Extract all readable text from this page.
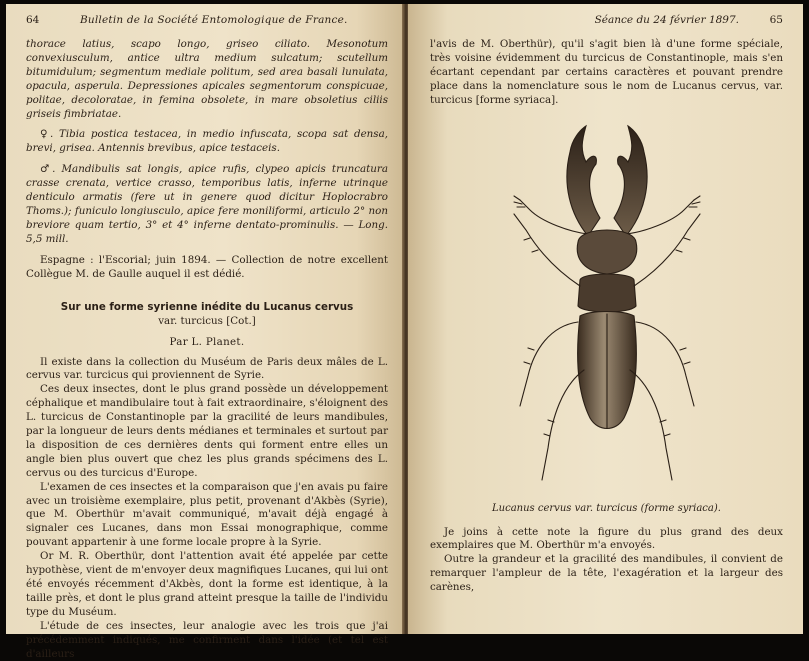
64	Bulletin de la Société Entomologique de France.

thorace latius, scapo longo, griseo ciliato. Mesonotum convexiusculum, antice ultra medium sulcatum; scutellum bitumidulum; segmentum mediale politum, sed area basali lunulata, opacula, asperula. Depressiones apicales segmentorum conspicuae, politae, decoloratae, in femina obsolete, in mare obsoletius ciliis griseis fimbriatae.

♀. Tibia postica testacea, in medio infuscata, scopa sat densa, brevi, grisea. Antennis brevibus, apice testaceis.

♂. Mandibulis sat longis, apice rufis, clypeo apicis truncatura crasse crenata, vertice crasso, temporibus latis, inferne utrinque denticulo armatis (fere ut in genere quod dicitur Hoplocrabro Thoms.); funiculo longiusculo, apice fere moniliformi, articulo 2° non breviore quam tertio, 3° et 4° inferne dentato-prominulis. — Long. 5,5 mill.

Espagne : l'Escorial; juin 1894. — Collection de notre excellent Collègue M. de Gaulle auquel il est dédié.

Sur une forme syrienne inédite du Lucanus cervus
var. turcicus [Cot.]
Par L. Planet.

Il existe dans la collection du Muséum de Paris deux mâles de L. cervus var. turcicus qui proviennent de Syrie.

Ces deux insectes, dont le plus grand possède un développement céphalique et mandibulaire tout à fait extraordinaire, s'éloignent des L. turcicus de Constantinople par la gracilité de leurs mandibules, par la longueur de leurs dents médianes et terminales et surtout par la disposition de ces dernières dents qui forment entre elles un angle bien plus ouvert que chez les plus grands spécimens des L. cervus ou des turcicus d'Europe.

L'examen de ces insectes et la comparaison que j'en avais pu faire avec un troisième exemplaire, plus petit, provenant d'Akbès (Syrie), que M. Oberthür m'avait communiqué, m'avait déjà engagé à signaler ces Lucanes, dans mon Essai monographique, comme pouvant appartenir à une forme locale propre à la Syrie.

Or M. R. Oberthür, dont l'attention avait été appelée par cette hypothèse, vient de m'envoyer deux magnifiques Lucanes, qui lui ont été envoyés récemment d'Akbès, dont la forme est identique, à la taille près, et dont le plus grand atteint presque la taille de l'individu type du Muséum.

L'étude de ces insectes, leur analogie avec les trois que j'ai précédemment indiqués, me confirment dans l'idée (et tel est d'ailleurs

Séance du 24 février 1897.	65

l'avis de M. Oberthür), qu'il s'agit bien là d'une forme spéciale, très voisine évidemment du turcicus de Constantinople, mais s'en écartant cependant par certains caractères et pouvant prendre place dans la nomenclature sous le nom de Lucanus cervus, var. turcicus [forme syriaca].

Lucanus cervus var. turcicus (forme syriaca).

Je joins à cette note la figure du plus grand des deux exemplaires que M. Oberthür m'a envoyés.

Outre la grandeur et la gracilité des mandibules, il convient de remarquer l'ampleur de la tête, l'exagération et la largeur des carènes,
